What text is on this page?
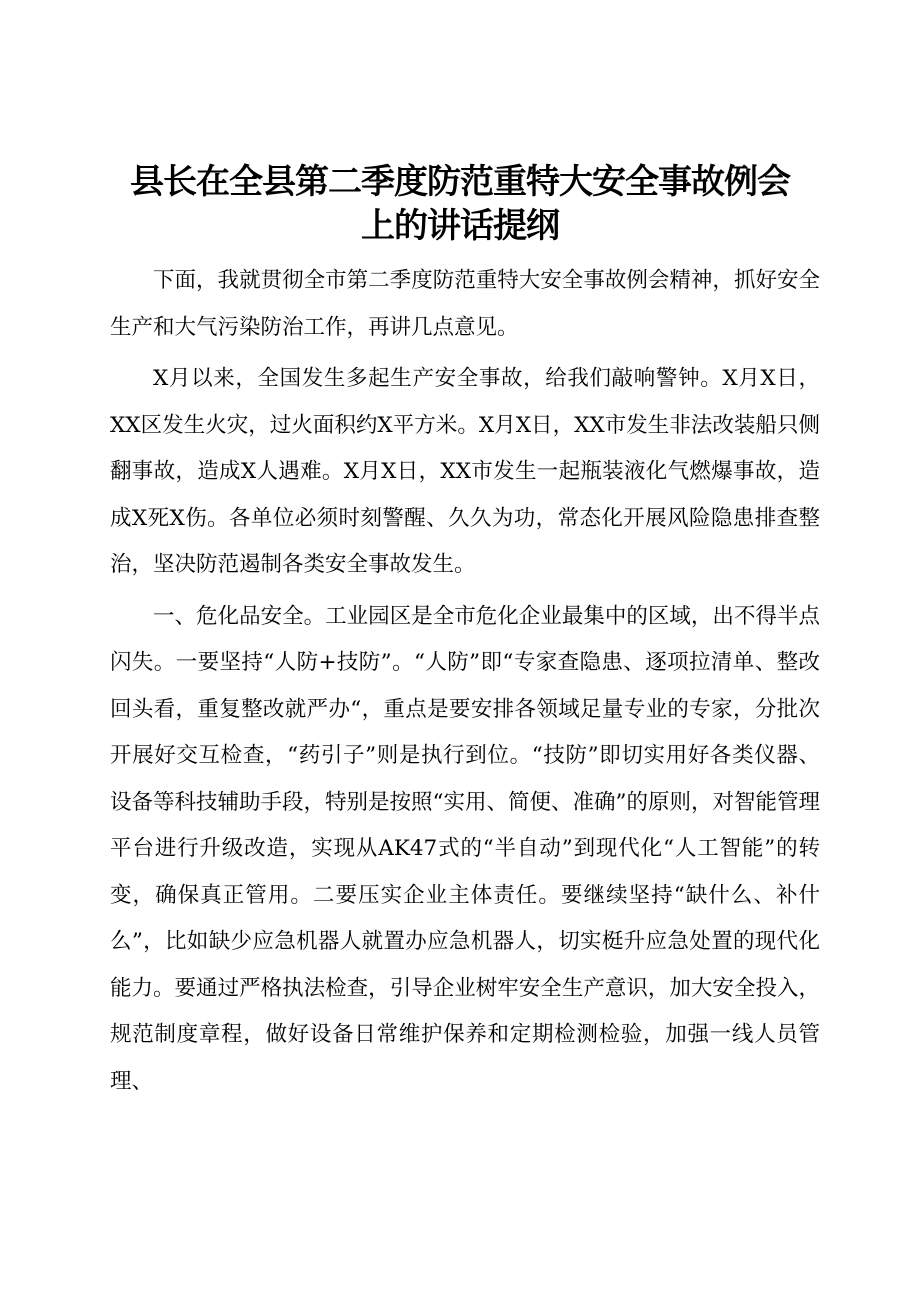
县长在全县第二季度防范重特大安全事故例会
上的讲话提纲

下面，我就贯彻全市第二季度防范重特大安全事故例会精神，抓好安全生产和大气污染防治工作，再讲几点意见。

X月以来，全国发生多起生产安全事故，给我们敲响警钟。X月X日，XX区发生火灾，过火面积约X平方米。X月X日，XX市发生非法改装船只侧翻事故，造成X人遇难。X月X日，XX市发生一起瓶装液化气燃爆事故，造成X死X伤。各单位必须时刻警醒、久久为功，常态化开展风险隐患排查整治，坚决防范遏制各类安全事故发生。

一、危化品安全。工业园区是全市危化企业最集中的区域，出不得半点闪失。一要坚持“人防+技防”。“人防”即“专家查隐患、逐项拉清单、整改回头看，重复整改就严办“，重点是要安排各领域足量专业的专家，分批次开展好交互检查，“药引子”则是执行到位。“技防”即切实用好各类仪器、设备等科技辅助手段，特别是按照“实用、简便、准确”的原则，对智能管理平台进行升级改造，实现从AK47式的“半自动”到现代化“人工智能”的转变，确保真正管用。二要压实企业主体责任。要继续坚持“缺什么、补什么”，比如缺少应急机器人就置办应急机器人，切实梃升应急处置的现代化能力。要通过严格执法检查，引导企业树牢安全生产意识，加大安全投入，规范制度章程，做好设备日常维护保养和定期检测检验，加强一线人员管理、
